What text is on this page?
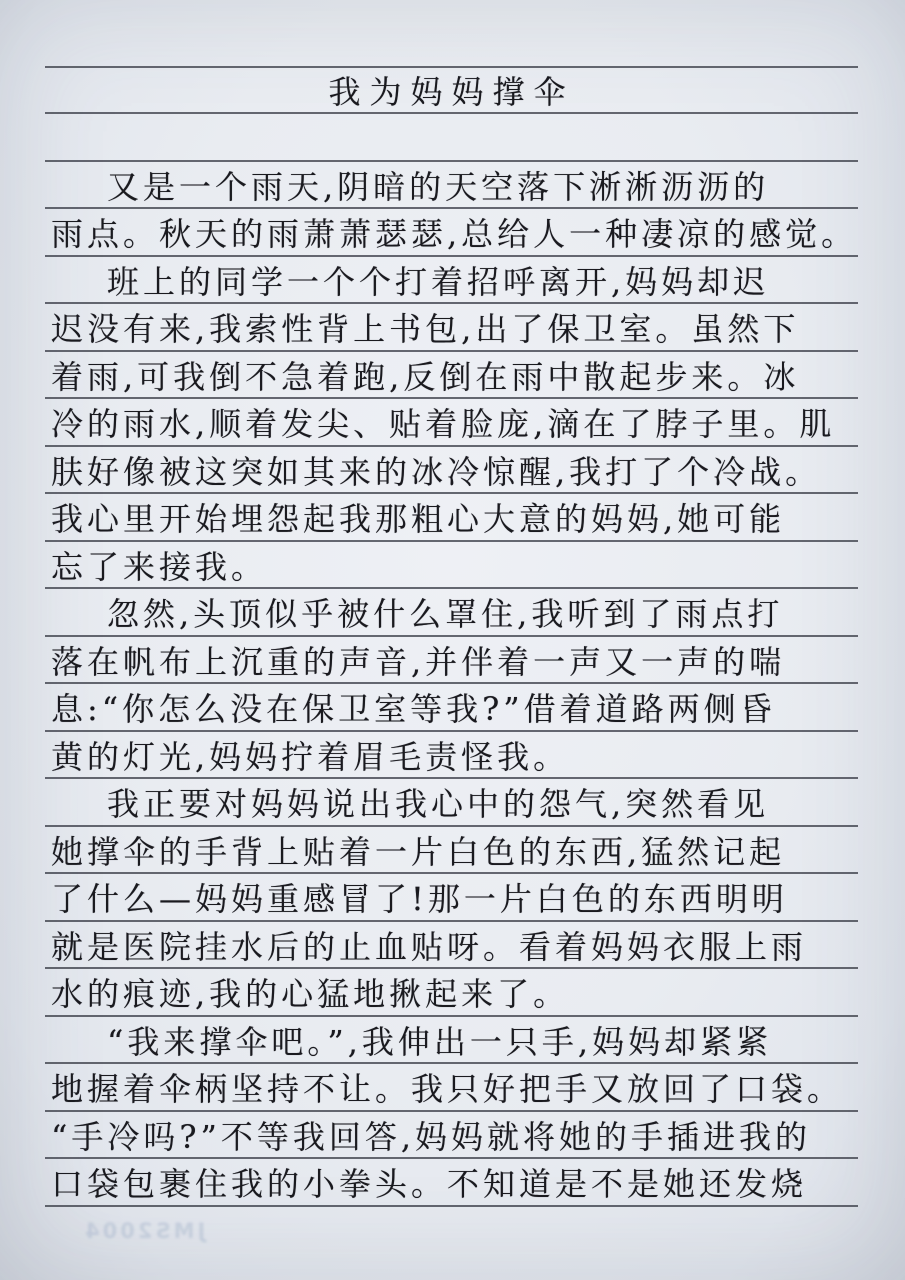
我为妈妈撑伞
又是一个雨天,阴暗的天空落下淅淅沥沥的
雨点。秋天的雨萧萧瑟瑟,总给人一种凄凉的感觉。
班上的同学一个个打着招呼离开,妈妈却迟
迟没有来,我索性背上书包,出了保卫室。虽然下
着雨,可我倒不急着跑,反倒在雨中散起步来。冰
冷的雨水,顺着发尖、贴着脸庞,滴在了脖子里。肌
肤好像被这突如其来的冰冷惊醒,我打了个冷战。
我心里开始埋怨起我那粗心大意的妈妈,她可能
忘了来接我。
忽然,头顶似乎被什么罩住,我听到了雨点打
落在帆布上沉重的声音,并伴着一声又一声的喘
息:“你怎么没在保卫室等我?”借着道路两侧昏
黄的灯光,妈妈拧着眉毛责怪我。
我正要对妈妈说出我心中的怨气,突然看见
她撑伞的手背上贴着一片白色的东西,猛然记起
了什么—妈妈重感冒了!那一片白色的东西明明
就是医院挂水后的止血贴呀。看着妈妈衣服上雨
水的痕迹,我的心猛地揪起来了。
“我来撑伞吧。”,我伸出一只手,妈妈却紧紧
地握着伞柄坚持不让。我只好把手又放回了口袋。
“手冷吗?”不等我回答,妈妈就将她的手插进我的
口袋包裹住我的小拳头。不知道是不是她还发烧
JMS2004
